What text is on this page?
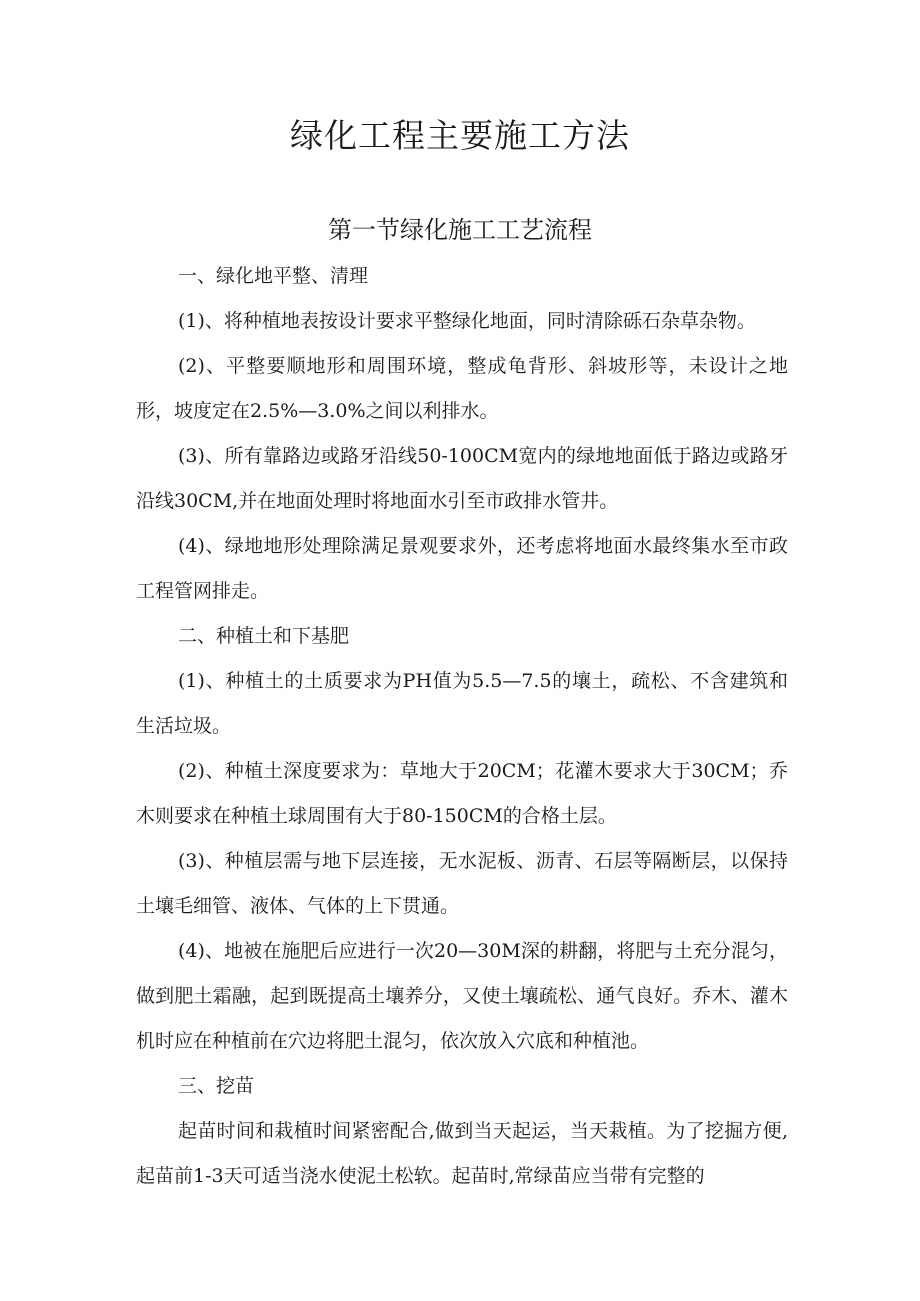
绿化工程主要施工方法
第一节绿化施工工艺流程

一、绿化地平整、清理

(1)、将种植地表按设计要求平整绿化地面，同时清除砾石杂草杂物。

(2)、平整要顺地形和周围环境，整成龟背形、斜坡形等，未设计之地形，坡度定在2.5%—3.0%之间以利排水。

(3)、所有靠路边或路牙沿线50-100CM宽内的绿地地面低于路边或路牙沿线30CM,并在地面处理时将地面水引至市政排水管井。

(4)、绿地地形处理除满足景观要求外，还考虑将地面水最终集水至市政工程管网排走。

二、种植土和下基肥

(1)、种植土的土质要求为PH值为5.5—7.5的壤土，疏松、不含建筑和生活垃圾。

(2)、种植土深度要求为：草地大于20CM；花灌木要求大于30CM；乔木则要求在种植土球周围有大于80-150CM的合格土层。

(3)、种植层需与地下层连接，无水泥板、沥青、石层等隔断层，以保持土壤毛细管、液体、气体的上下贯通。

(4)、地被在施肥后应进行一次20—30M深的耕翻，将肥与土充分混匀，做到肥土霜融，起到既提高土壤养分，又使土壤疏松、通气良好。乔木、灌木机时应在种植前在穴边将肥土混匀，依次放入穴底和种植池。

三、挖苗

起苗时间和栽植时间紧密配合,做到当天起运，当天栽植。为了挖掘方便,起苗前1-3天可适当浇水使泥土松软。起苗时,常绿苗应当带有完整的
